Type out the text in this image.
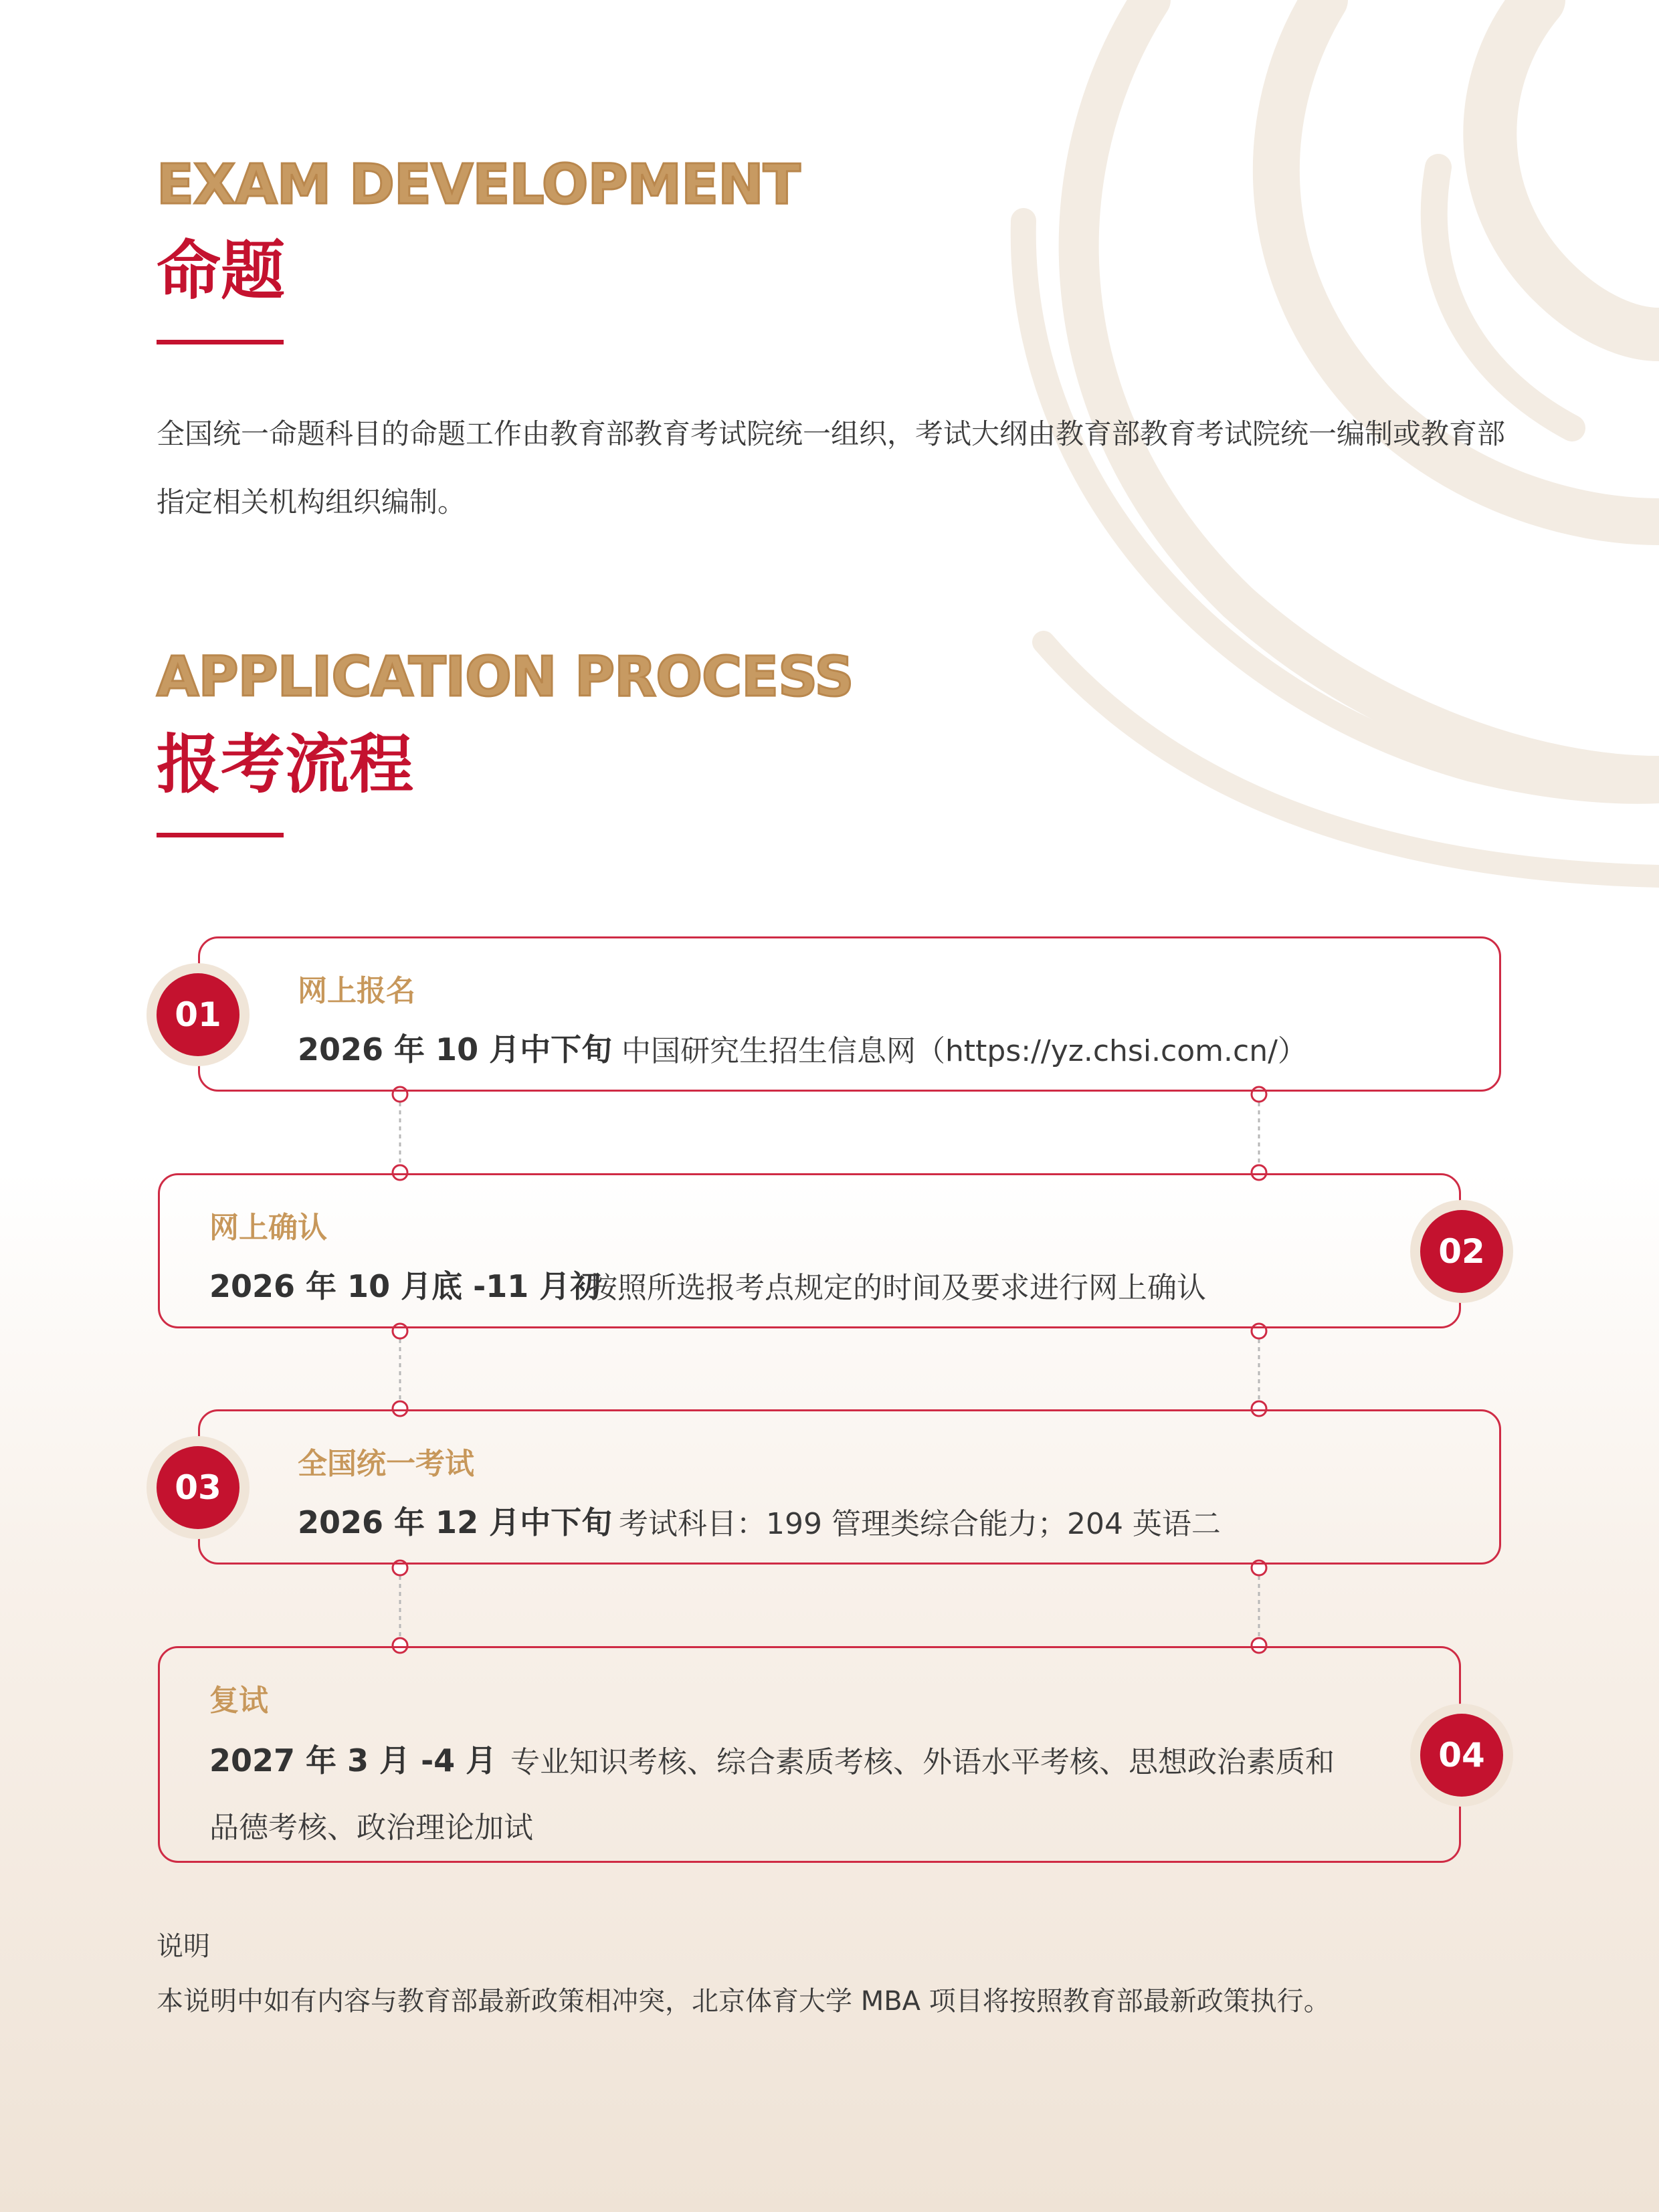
EXAM DEVELOPMENT
命题
全国统一命题科目的命题工作由教育部教育考试院统一组织，考试大纲由教育部教育考试院统一编制或教育部指定相关机构组织编制。
APPLICATION PROCESS
报考流程
网上报名
2026 年 10 月中下旬 中国研究生招生信息网（https://yz.chsi.com.cn/）
01
网上确认
2026 年 10 月底 -11 月初
按照所选报考点规定的时间及要求进行网上确认
02
全国统一考试
2026 年 12 月中下旬 考试科目：199 管理类综合能力；204 英语二
03
复试
2027 年 3 月 -4 月 专业知识考核、综合素质考核、外语水平考核、思想政治素质和
品德考核、政治理论加试
04
说明
本说明中如有内容与教育部最新政策相冲突，北京体育大学 MBA 项目将按照教育部最新政策执行。
